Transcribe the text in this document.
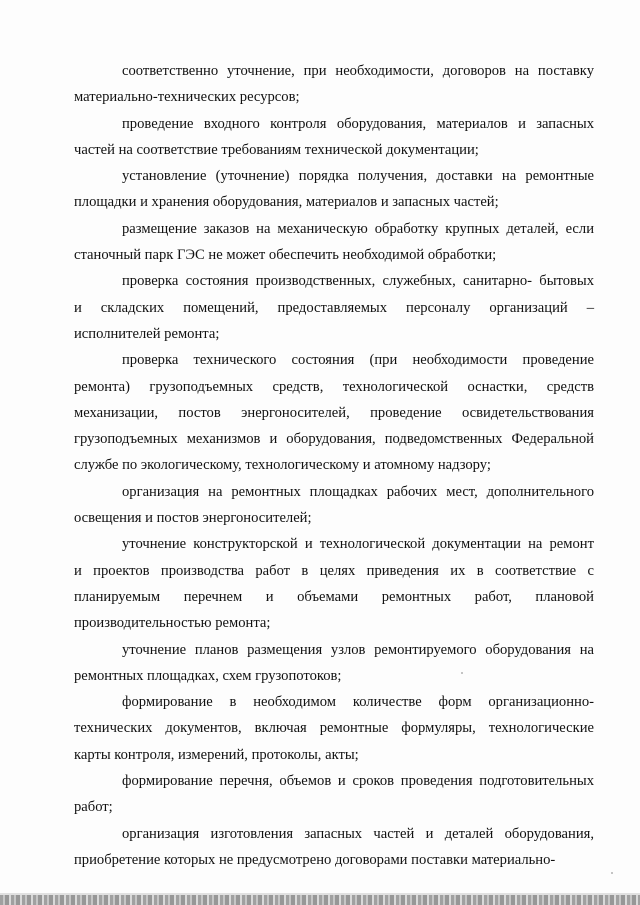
соответственно уточнение, при необходимости, договоров на поставку
материально-технических ресурсов;

проведение входного контроля оборудования, материалов и запасных
частей на соответствие требованиям технической документации;

установление (уточнение) порядка получения, доставки на ремонтные
площадки и хранения оборудования, материалов и запасных частей;

размещение заказов на механическую обработку крупных деталей, если
станочный парк ГЭС не может обеспечить необходимой обработки;

проверка состояния производственных, служебных, санитарно- бытовых
и складских помещений, предоставляемых персоналу организаций –
исполнителей ремонта;

проверка технического состояния (при необходимости проведение
ремонта) грузоподъемных средств, технологической оснастки, средств
механизации, постов энергоносителей, проведение освидетельствования
грузоподъемных механизмов и оборудования, подведомственных Федеральной
службе по экологическому, технологическому и атомному надзору;

организация на ремонтных площадках рабочих мест, дополнительного
освещения и постов энергоносителей;

уточнение конструкторской и технологической документации на ремонт
и проектов производства работ в целях приведения их в соответствие с
планируемым перечнем и объемами ремонтных работ, плановой
производительностью ремонта;

уточнение планов размещения узлов ремонтируемого оборудования на
ремонтных площадках, схем грузопотоков;

формирование в необходимом количестве форм организационно-
технических документов, включая ремонтные формуляры, технологические
карты контроля, измерений, протоколы, акты;

формирование перечня, объемов и сроков проведения подготовительных
работ;

организация изготовления запасных частей и деталей оборудования,
приобретение которых не предусмотрено договорами поставки материально-
